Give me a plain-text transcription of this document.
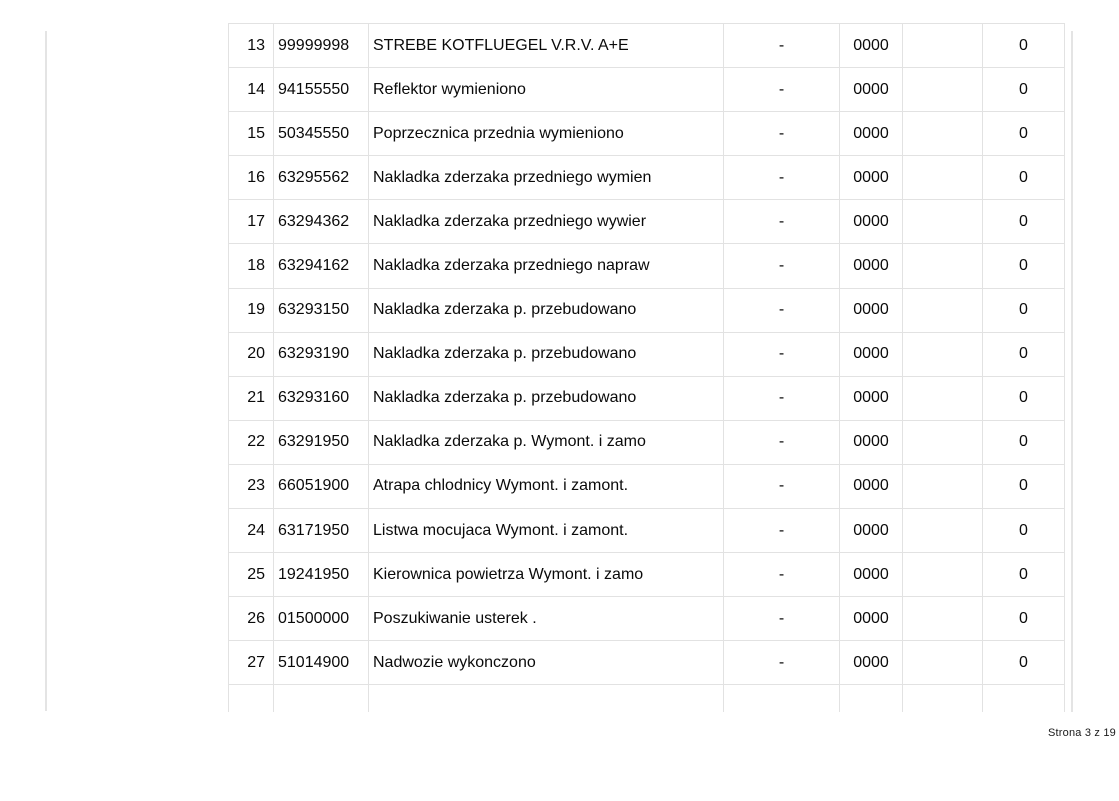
13	99999998	STREBE KOTFLUEGEL V.R.V. A+E	-	0000		0
14	94155550	Reflektor wymieniono	-	0000		0
15	50345550	Poprzecznica przednia wymieniono	-	0000		0
16	63295562	Nakladka zderzaka przedniego wymien	-	0000		0
17	63294362	Nakladka zderzaka przedniego wywier	-	0000		0
18	63294162	Nakladka zderzaka przedniego napraw	-	0000		0
19	63293150	Nakladka zderzaka p. przebudowano	-	0000		0
20	63293190	Nakladka zderzaka p. przebudowano	-	0000		0
21	63293160	Nakladka zderzaka p. przebudowano	-	0000		0
22	63291950	Nakladka zderzaka p. Wymont. i zamo	-	0000		0
23	66051900	Atrapa chlodnicy Wymont. i zamont.	-	0000		0
24	63171950	Listwa mocujaca Wymont. i zamont.	-	0000		0
25	19241950	Kierownica powietrza Wymont. i zamo	-	0000		0
26	01500000	Poszukiwanie usterek .	-	0000		0
27	51014900	Nadwozie wykonczono	-	0000		0

Strona 3 z 19
